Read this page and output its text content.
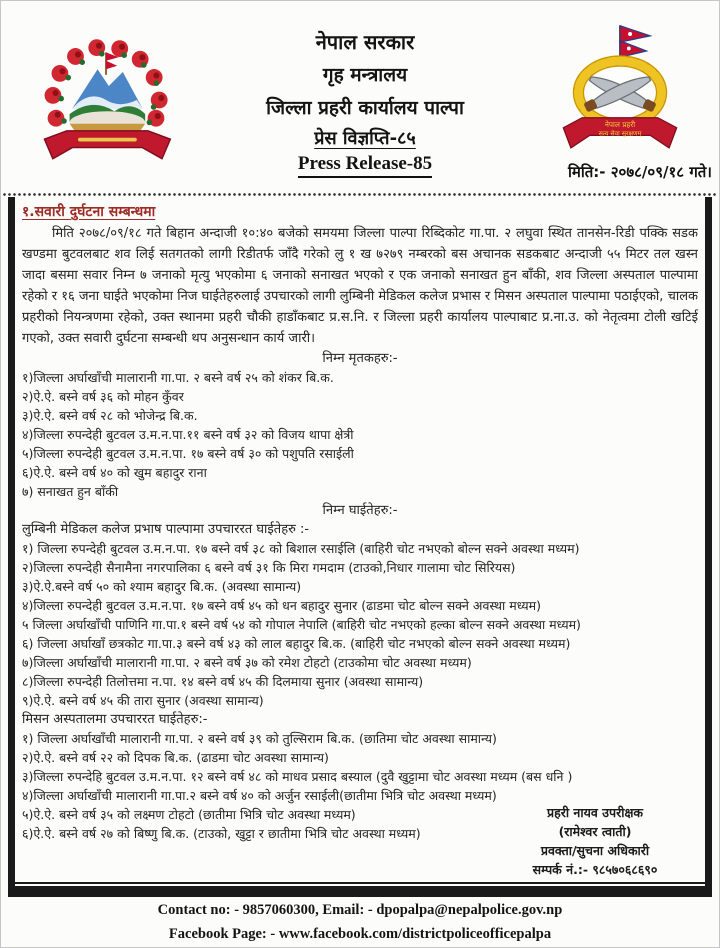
नेपाल प्रहरी
सत्य सेवा सुरक्षणम्
नेपाल सरकार
गृह मन्त्रालय
जिल्ला प्रहरी कार्यालय पाल्पा
प्रेस विज्ञप्ति-८५
Press Release-85	मिति:- २०७८/०९/१८ गते।
१.सवारी दुर्घटना सम्बन्धमा
मिति २०७८/०९/१८ गते बिहान अन्दाजी १०:४० बजेको समयमा जिल्ला पाल्पा रिब्दिकोट गा.पा. २ लघुवा स्थित तानसेन-रिडी पक्कि सडक खण्डमा बुटवलबाट शव लिई सतगतको लागी रिडीतर्फ जाँदै गरेको लु १ ख ७२७९ नम्बरको बस अचानक सडकबाट अन्दाजी ५५ मिटर तल खस्न जादा बसमा सवार निम्न ७ जनाको मृत्यु भएकोमा ६ जनाको सनाखत भएको र एक जनाको सनाखत हुन बाँकी, शव जिल्ला अस्पताल पाल्पामा रहेको र १६ जना घाईते भएकोमा निज घाईतेहरुलाई उपचारको लागी लुम्बिनी मेडिकल कलेज प्रभास र मिसन अस्पताल पाल्पामा पठाईएको, चालक प्रहरीको नियन्त्रणमा रहेको, उक्त स्थानमा प्रहरी चौकी हाडाँकबाट प्र.स.नि. र जिल्ला प्रहरी कार्यालय पाल्पाबाट प्र.ना.उ. को नेतृत्वमा टोली खटिई गएको, उक्त सवारी दुर्घटना सम्बन्धी थप अनुसन्धान कार्य जारी।
निम्न मृतकहरु:-
१)जिल्ला अर्घाखाँची मालारानी गा.पा. २ बस्ने वर्ष २५ को शंकर बि.क.
२)ऐ.ऐ. बस्ने वर्ष ३६ को मोहन कुँवर
३)ऐ.ऐ. बस्ने वर्ष २८ को भोजेन्द्र बि.क.
४)जिल्ला रुपन्देही बुटवल उ.म.न.पा.११ बस्ने वर्ष ३२ को विजय थापा क्षेत्री
५)जिल्ला रुपन्देही बुटवल उ.म.न.पा. १७ बस्ने वर्ष ३० को पशुपति रसाईली
६)ऐ.ऐ. बस्ने वर्ष ४० को खुम बहादुर राना
७) सनाखत हुन बाँकी
निम्न घाईतेहरु:-
लुम्बिनी मेडिकल कलेज प्रभाष पाल्पामा उपचाररत घाईतेहरु :-
१) जिल्ला रुपन्देही बुटवल उ.म.न.पा. १७ बस्ने वर्ष ३८ को बिशाल रसाईलि (बाहिरी चोट नभएको बोल्न सक्ने अवस्था मध्यम)
२)जिल्ला रुपन्देही सैनामैना नगरपालिका ६ बस्ने वर्ष ३१ कि मिरा गमदाम (टाउको,निधार गालामा चोट सिरियस)
३)ऐ.ऐ.बस्ने वर्ष ५० को श्याम बहादुर बि.क. (अवस्था सामान्य)
४)जिल्ला रुपन्देही बुटवल उ.म.न.पा. १७ बस्ने वर्ष ४५ को धन बहादुर सुनार (ढाडमा चोट बोल्न सक्ने अवस्था मध्यम)
५ जिल्ला अर्घाखाँची पाणिनि गा.पा.१ बस्ने वर्ष ५४ को गोपाल नेपालि (बाहिरी चोट नभएको हल्का बोल्न सक्ने अवस्था मध्यम)
६) जिल्ला अर्घाखाँ छत्रकोट गा.पा.३ बस्ने वर्ष ४३ को लाल बहादुर बि.क. (बाहिरी चोट नभएको बोल्न सक्ने अवस्था मध्यम)
७)जिल्ला अर्घाखाँची मालारानी गा.पा. २ बस्ने वर्ष ३७ को रमेश टोहटो (टाउकोमा चोट अवस्था मध्यम)
८)जिल्ला रुपन्देही तिलोत्तमा न.पा. १४ बस्ने वर्ष ४५ की दिलमाया सुनार (अवस्था सामान्य)
९)ऐ.ऐ. बस्ने वर्ष ४५ की तारा सुनार (अवस्था सामान्य)
मिसन अस्पतालमा उपचाररत घाईतेहरु:-
१) जिल्ला अर्घाखाँची मालारानी गा.पा. २ बस्ने वर्ष ३९ को तुल्सिराम बि.क. (छातिमा चोट अवस्था सामान्य)
२)ऐ.ऐ. बस्ने वर्ष २२ को दिपक बि.क. (ढाडमा चोट अवस्था सामान्य)
३)जिल्ला रुपन्देहि बुटवल उ.म.न.पा. १२ बस्ने वर्ष ४८ को माधव प्रसाद बस्याल (दुवै खुट्टामा चोट अवस्था मध्यम (बस धनि )
४)जिल्ला अर्घाखाँची मालारानी गा.पा.२ बस्ने वर्ष ४० को अर्जुन रसाईली(छातीमा भित्रि चोट अवस्था मध्यम)
५)ऐ.ऐ. बस्ने वर्ष ३५ को लक्ष्मण टोहटो (छातीमा भित्रि चोट अवस्था मध्यम)
६)ऐ.ऐ. बस्ने वर्ष २७ को बिष्णु बि.क. (टाउको, खुट्टा र छातीमा भित्रि चोट अवस्था मध्यम)
प्रहरी नायव उपरीक्षक
(रामेश्वर त्वाती)
प्रवक्ता/सुचना अधिकारी
सम्पर्क नं.:- ९८५७०६८६९०
Contact no: - 9857060300, Email: - dpopalpa@nepalpolice.gov.np
Facebook Page: - www.facebook.com/districtpoliceofficepalpa
